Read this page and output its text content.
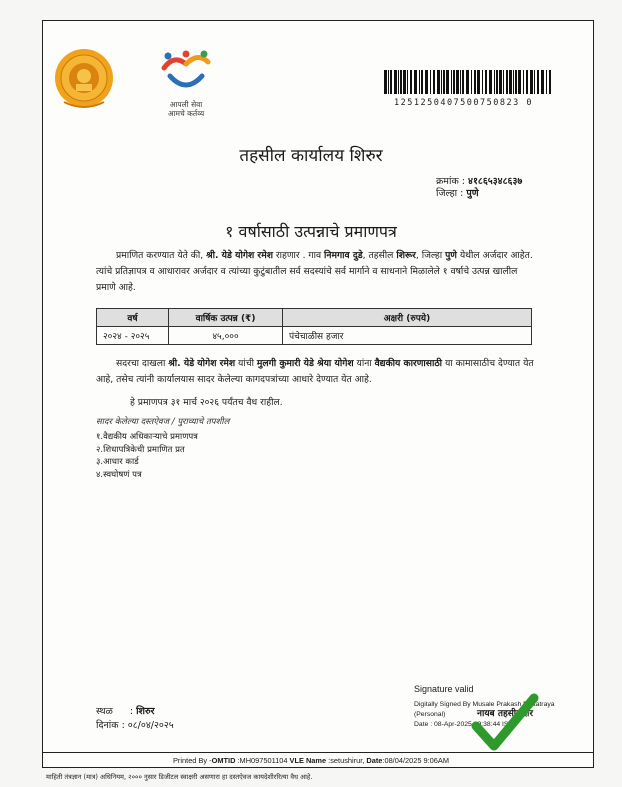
आपली सेवा
आमचे कर्तव्य
1251250407500750823 0
तहसील कार्यालय शिरुर
क्रमांक : ४१८६५३४८६३७
जिल्हा : पुणे
१ वर्षासाठी उत्पन्नाचे प्रमाणपत्र
प्रमाणित करण्यात येते की, श्री. येडे योगेश रमेश राहणार . गाव निमगाव दुडे, तहसील शिरूर, जिल्हा पुणे येथील अर्जदार आहेत. त्यांचे प्रतिज्ञापत्र व आधारावर अर्जदार व त्यांच्या कुटुंबातील सर्व सदस्यांचे सर्व मार्गाने व साधनाने मिळालेले १ वर्षाचे उत्पन्न खालील प्रमाणे आहे.
वर्ष	वार्षिक उत्पन्न (₹)	अक्षरी (रुपये)
२०२४ - २०२५	४५,०००	पंचेचाळीस हजार
सदरचा दाखला श्री. येडे योगेश रमेश यांची मुलगी कुमारी येडे श्रेया योगेश यांना वैद्यकीय कारणासाठी या कामासाठीच देण्यात येत आहे, तसेच त्यांनी कार्यालयास सादर केलेल्या कागदपत्रांच्या आधारे देण्यात येत आहे.
हे प्रमाणपत्र ३१ मार्च २०२६ पर्यंतच वैध राहील.
सादर केलेल्या दस्तऐवज / पुराव्याचे तपशील
१.वैद्यकीय अधिकाऱ्याचे प्रमाणपत्र
२.शिधापत्रिकेची प्रमाणित प्रत
३.आधार कार्ड
४.स्वघोषणं पत्र
Signature valid
Digitally Signed By Musale Prakash Dattatraya
(Personal)
Date : 08-Apr-2025 09:38:44 IST
नायब तहसीलदार
स्थळ : शिरुर
दिनांक : ०८/०४/२०२५
Printed By -OMTID :MH097501104 VLE Name :setushirur, Date:08/04/2025 9:06AM
माहिती तंत्रज्ञान (मात्र) अधिनियम, २००० नुसार डिजीटल स्वाक्षरी असणारा हा दस्तऐवज कायदेशीररित्या वैध आहे.
